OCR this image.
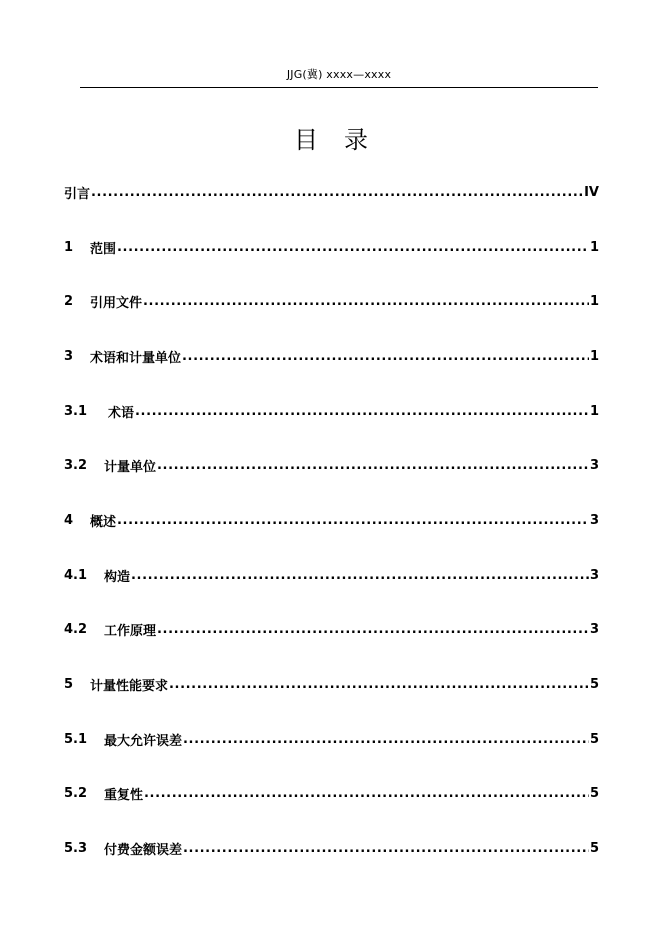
JJG(冀) xxxx—xxxx
目录
引言 .....	IV
1	范围 .....	1
2	引用文件 .....	1
3	术语和计量单位 .....	1
3.1	术语 .....	1
3.2	计量单位 .....	3
4	概述 .....	3
4.1	构造 .....	3
4.2	工作原理 .....	3
5	计量性能要求 .....	5
5.1	最大允许误差 .....	5
5.2	重复性 .....	5
5.3	付费金额误差 .....	5
